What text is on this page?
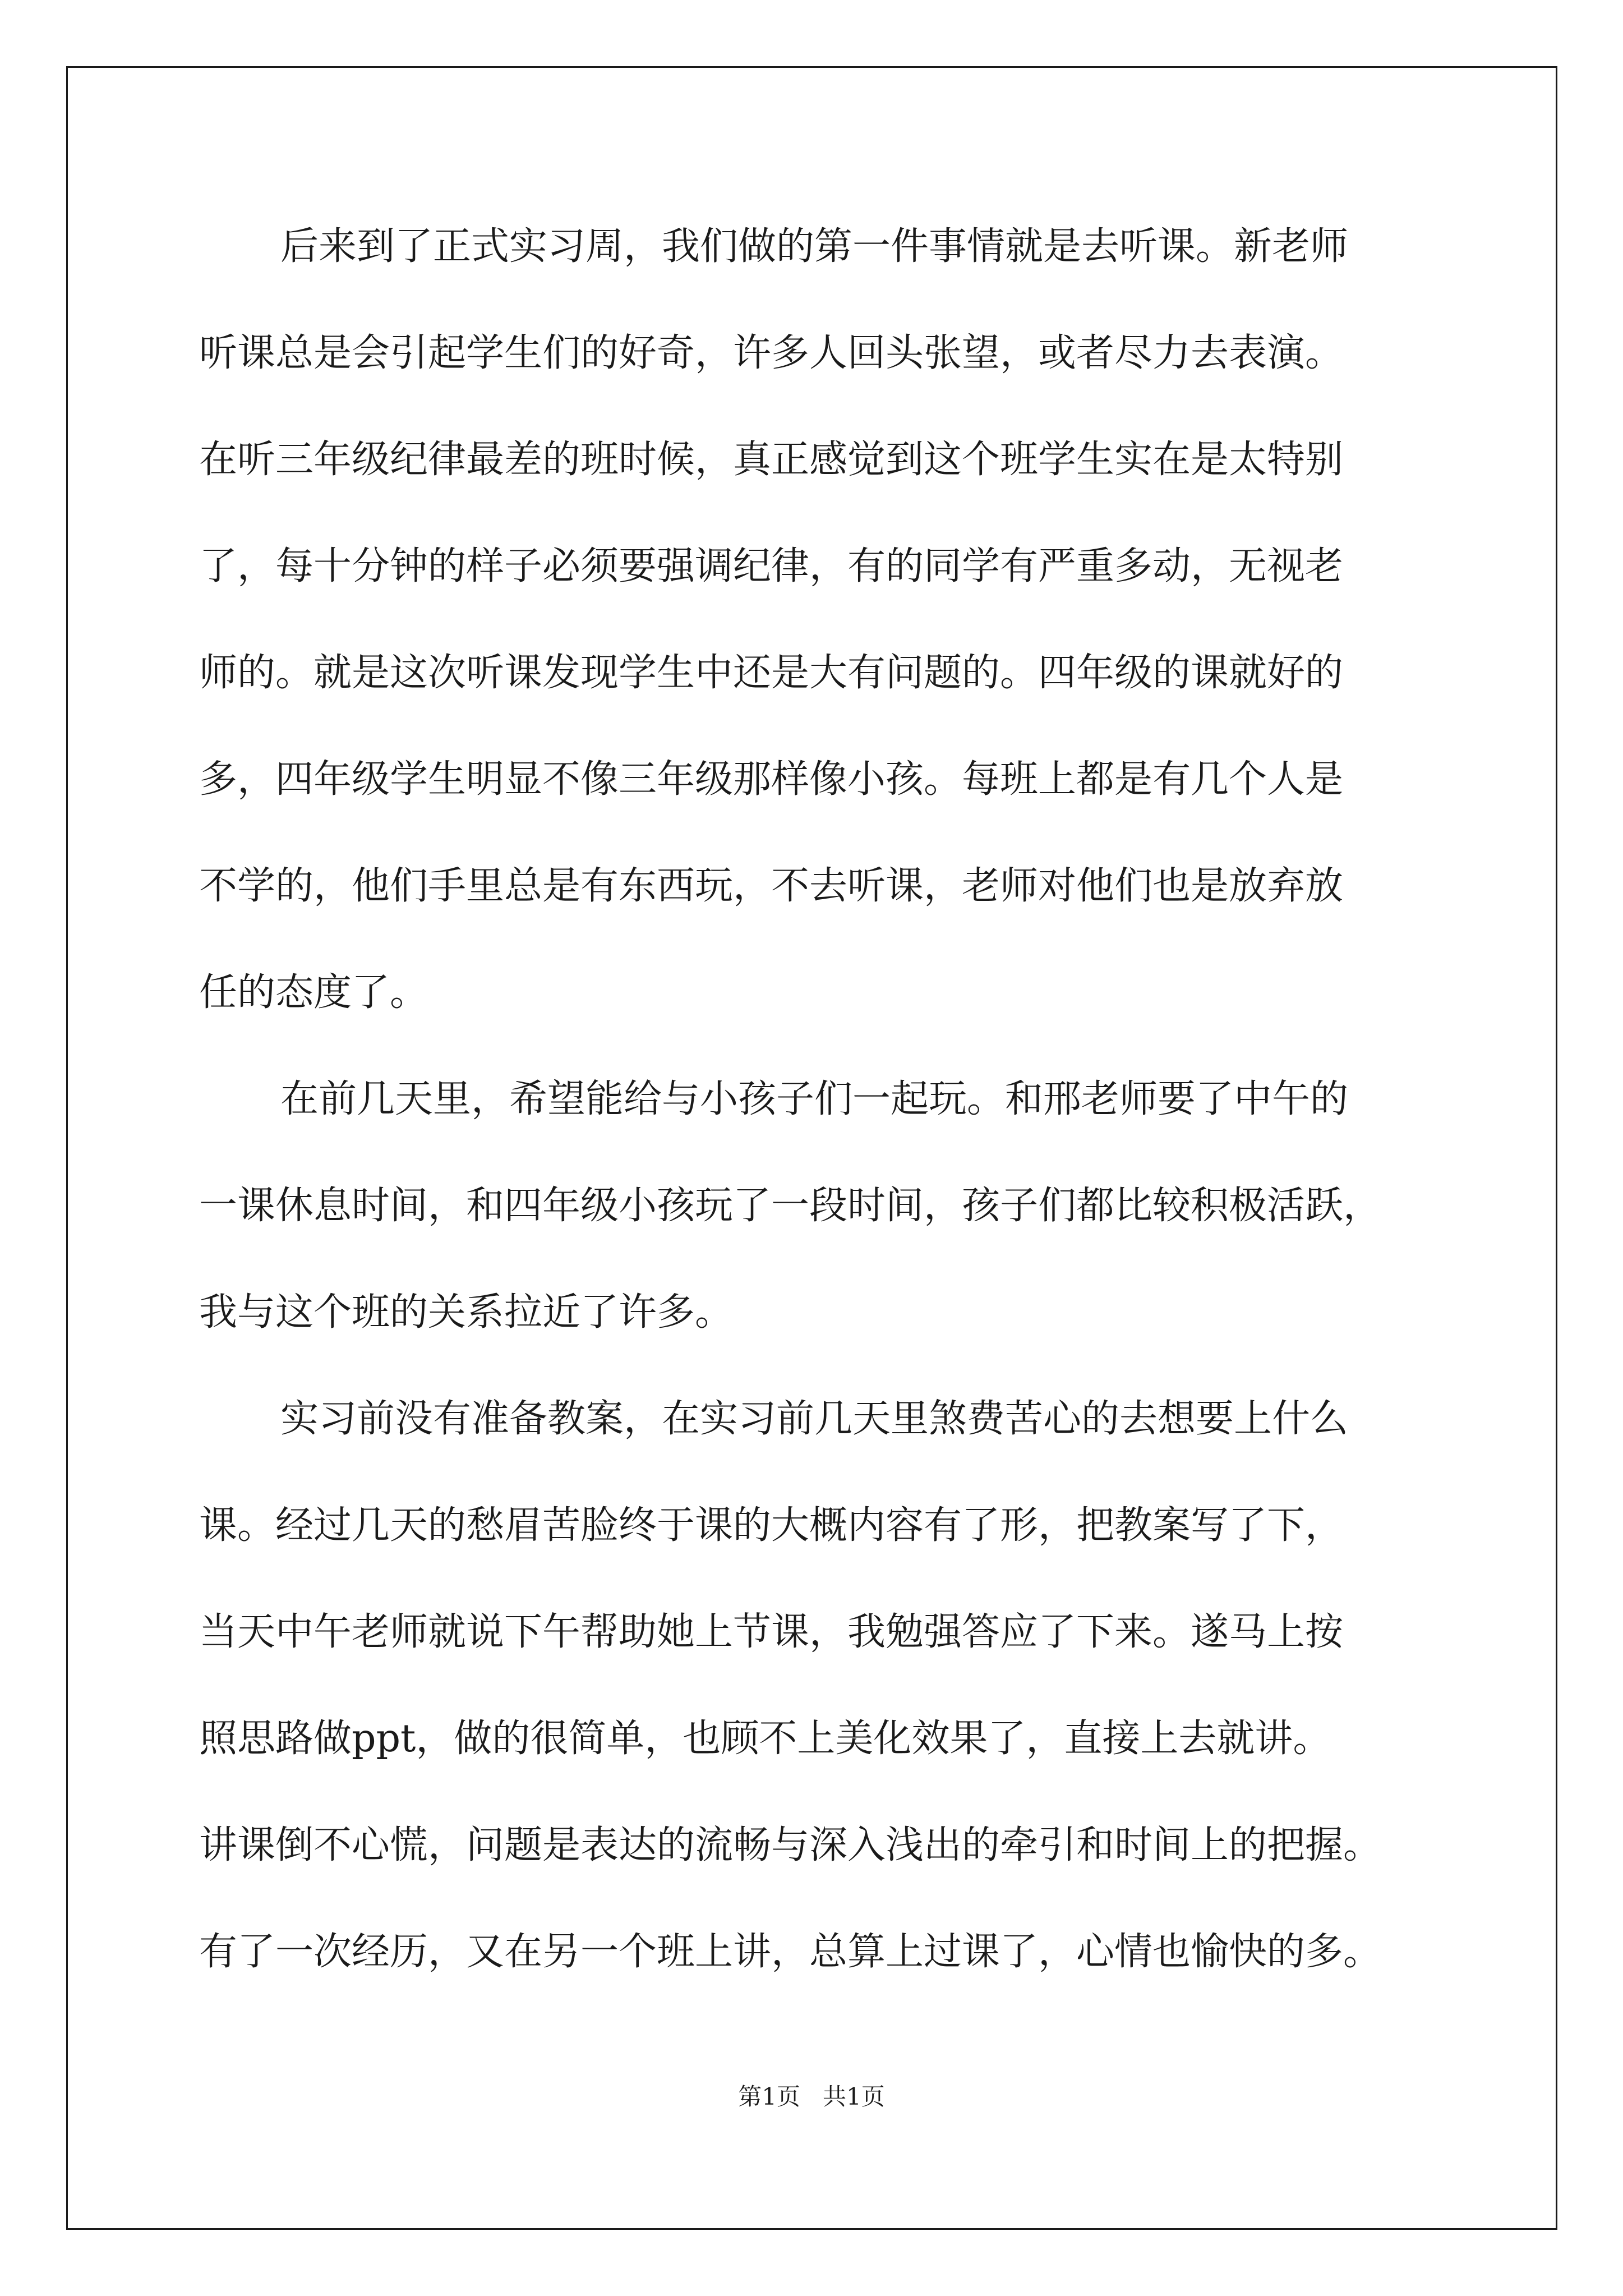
后来到了正式实习周，我们做的第一件事情就是去听课。新老师
听课总是会引起学生们的好奇，许多人回头张望，或者尽力去表演。
在听三年级纪律最差的班时候，真正感觉到这个班学生实在是太特别
了，每十分钟的样子必须要强调纪律，有的同学有严重多动，无视老
师的。就是这次听课发现学生中还是大有问题的。四年级的课就好的
多，四年级学生明显不像三年级那样像小孩。每班上都是有几个人是
不学的，他们手里总是有东西玩，不去听课，老师对他们也是放弃放
任的态度了。

在前几天里，希望能给与小孩子们一起玩。和邢老师要了中午的
一课休息时间，和四年级小孩玩了一段时间，孩子们都比较积极活跃，
我与这个班的关系拉近了许多。

实习前没有准备教案，在实习前几天里煞费苦心的去想要上什么
课。经过几天的愁眉苦脸终于课的大概内容有了形，把教案写了下，
当天中午老师就说下午帮助她上节课，我勉强答应了下来。遂马上按
照思路做ppt，做的很简单，也顾不上美化效果了，直接上去就讲。
讲课倒不心慌，问题是表达的流畅与深入浅出的牵引和时间上的把握。
有了一次经历，又在另一个班上讲，总算上过课了，心情也愉快的多。

第1页   共1页
